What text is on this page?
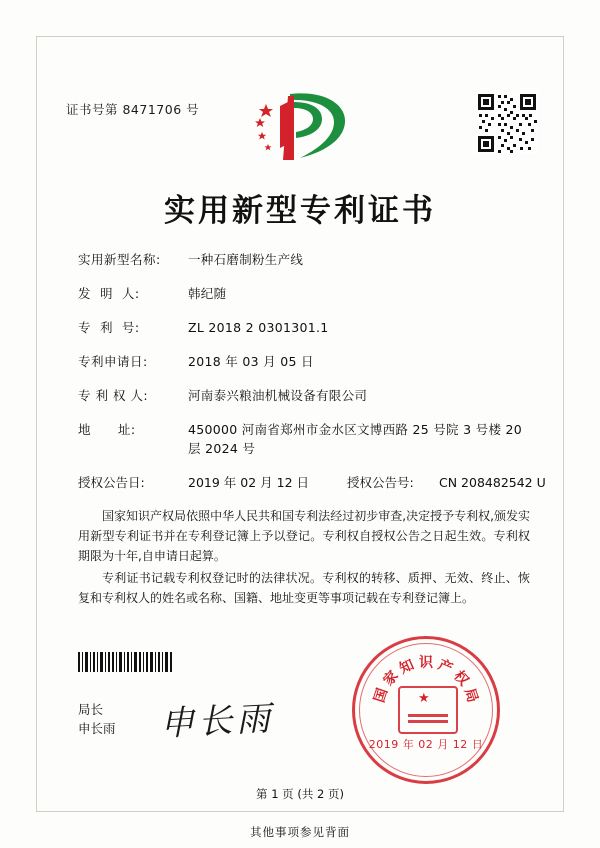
证书号第 8471706 号
实用新型专利证书
实用新型名称:	一种石磨制粉生产线
发  明  人:	韩纪随
专  利  号:	ZL 2018 2 0301301.1
专利申请日:	2018 年 03 月 05 日
专 利 权 人:	河南泰兴粮油机械设备有限公司
地      址:	450000 河南省郑州市金水区文博西路 25 号院 3 号楼 20 层 2024 号
授权公告日:	2019 年 02 月 12 日	授权公告号:	CN 208482542 U

国家知识产权局依照中华人民共和国专利法经过初步审查,决定授予专利权,颁发实用新型专利证书并在专利登记簿上予以登记。专利权自授权公告之日起生效。专利权期限为十年,自申请日起算。

专利证书记载专利权登记时的法律状况。专利权的转移、质押、无效、终止、恢复和专利权人的姓名或名称、国籍、地址变更等事项记载在专利登记簿上。

局长
申长雨 申长雨
国
家
知 识 产
权
局
★
2019 年 02 月 12 日
第 1 页 (共 2 页)
其他事项参见背面
